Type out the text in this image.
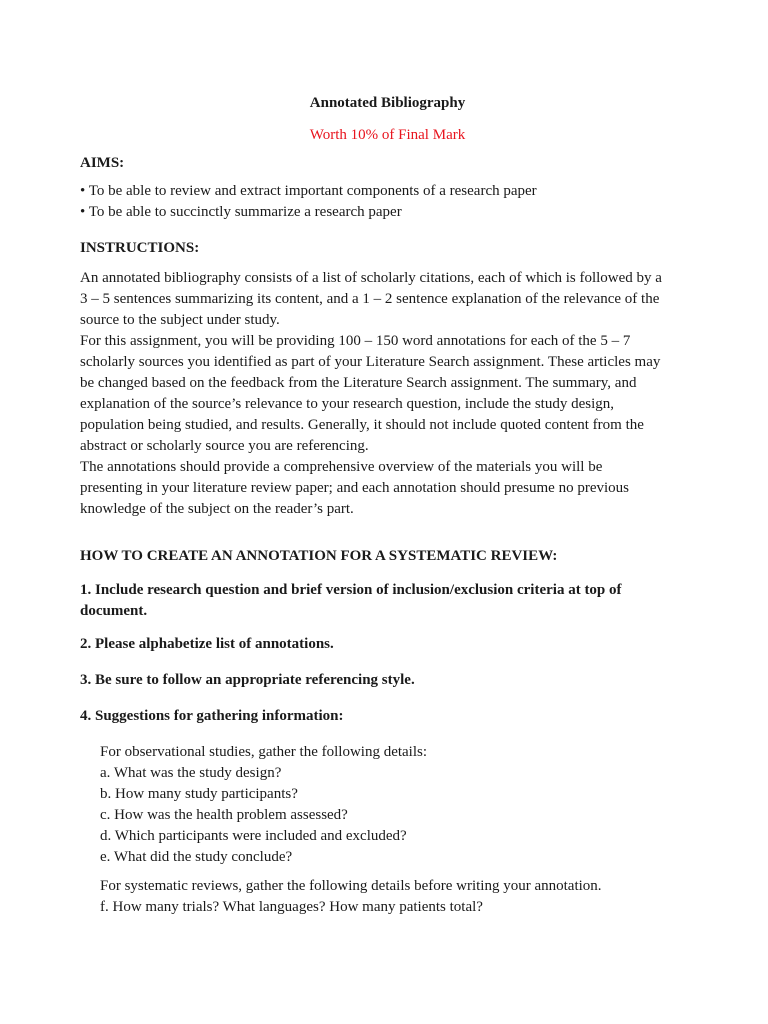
Annotated Bibliography
Worth 10% of Final Mark
AIMS:
• To be able to review and extract important components of a research paper
• To be able to succinctly summarize a research paper
INSTRUCTIONS:
An annotated bibliography consists of a list of scholarly citations, each of which is followed by a
3 – 5 sentences summarizing its content, and a 1 – 2 sentence explanation of the relevance of the
source to the subject under study.
For this assignment, you will be providing 100 – 150 word annotations for each of the 5 – 7
scholarly sources you identified as part of your Literature Search assignment. These articles may
be changed based on the feedback from the Literature Search assignment. The summary, and
explanation of the source’s relevance to your research question, include the study design,
population being studied, and results. Generally, it should not include quoted content from the
abstract or scholarly source you are referencing.
The annotations should provide a comprehensive overview of the materials you will be
presenting in your literature review paper; and each annotation should presume no previous
knowledge of the subject on the reader’s part.
HOW TO CREATE AN ANNOTATION FOR A SYSTEMATIC REVIEW:
1. Include research question and brief version of inclusion/exclusion criteria at top of
document.
2. Please alphabetize list of annotations.
3. Be sure to follow an appropriate referencing style.
4. Suggestions for gathering information:
For observational studies, gather the following details:
a. What was the study design?
b. How many study participants?
c. How was the health problem assessed?
d. Which participants were included and excluded?
e. What did the study conclude?
For systematic reviews, gather the following details before writing your annotation.
f. How many trials? What languages? How many patients total?
